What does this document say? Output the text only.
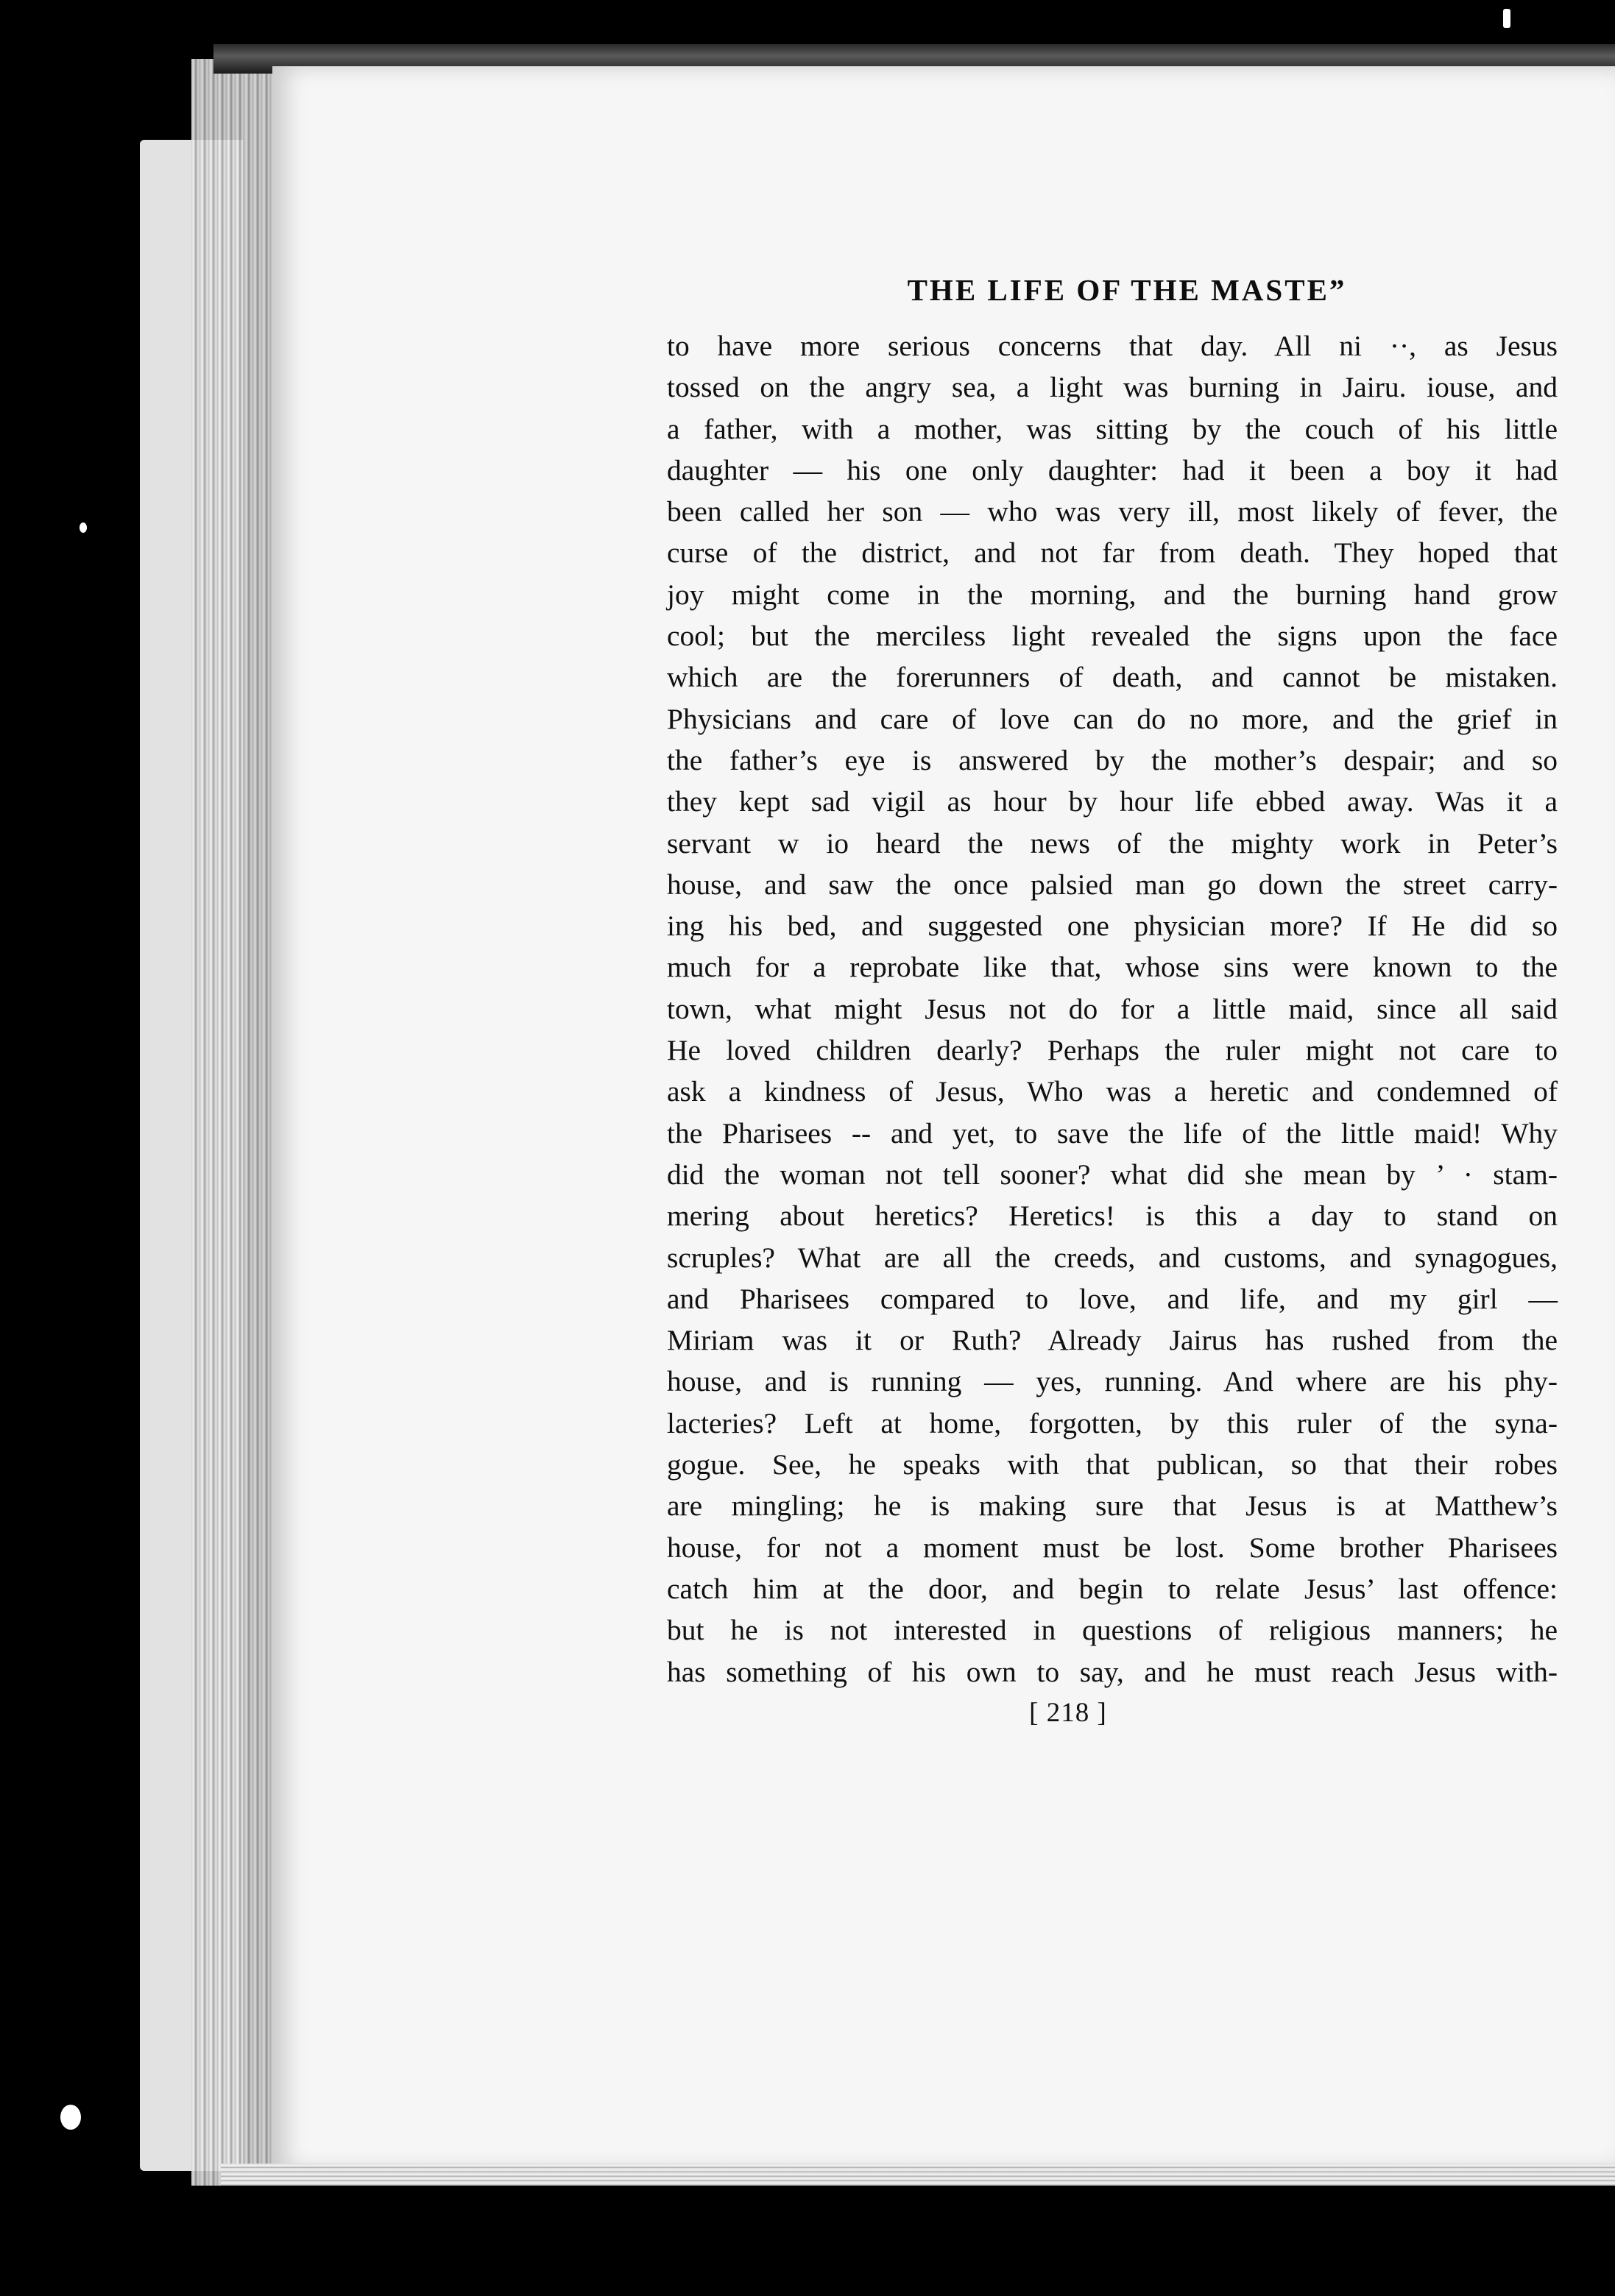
THE LIFE OF THE MASTE”
to have more serious concerns that day. All ni ··, as Jesus
tossed on the angry sea, a light was burning in Jairu. iouse, and
a father, with a mother, was sitting by the couch of his little
daughter — his one only daughter: had it been a boy it had
been called her son — who was very ill, most likely of fever, the
curse of the district, and not far from death. They hoped that
joy might come in the morning, and the burning hand grow
cool; but the merciless light revealed the signs upon the face
which are the forerunners of death, and cannot be mistaken.
Physicians and care of love can do no more, and the grief in
the father’s eye is answered by the mother’s despair; and so
they kept sad vigil as hour by hour life ebbed away. Was it a
servant w io heard the news of the mighty work in Peter’s
house, and saw the once palsied man go down the street carry-
ing his bed, and suggested one physician more? If He did so
much for a reprobate like that, whose sins were known to the
town, what might Jesus not do for a little maid, since all said
He loved children dearly? Perhaps the ruler might not care to
ask a kindness of Jesus, Who was a heretic and condemned of
the Pharisees -- and yet, to save the life of the little maid! Why
did the woman not tell sooner? what did she mean by ’ · stam-
mering about heretics? Heretics! is this a day to stand on
scruples? What are all the creeds, and customs, and synagogues,
and Pharisees compared to love, and life, and my girl —
Miriam was it or Ruth? Already Jairus has rushed from the
house, and is running — yes, running. And where are his phy-
lacteries? Left at home, forgotten, by this ruler of the syna-
gogue. See, he speaks with that publican, so that their robes
are mingling; he is making sure that Jesus is at Matthew’s
house, for not a moment must be lost. Some brother Pharisees
catch him at the door, and begin to relate Jesus’ last offence:
but he is not interested in questions of religious manners; he
has something of his own to say, and he must reach Jesus with-
[ 218 ]
